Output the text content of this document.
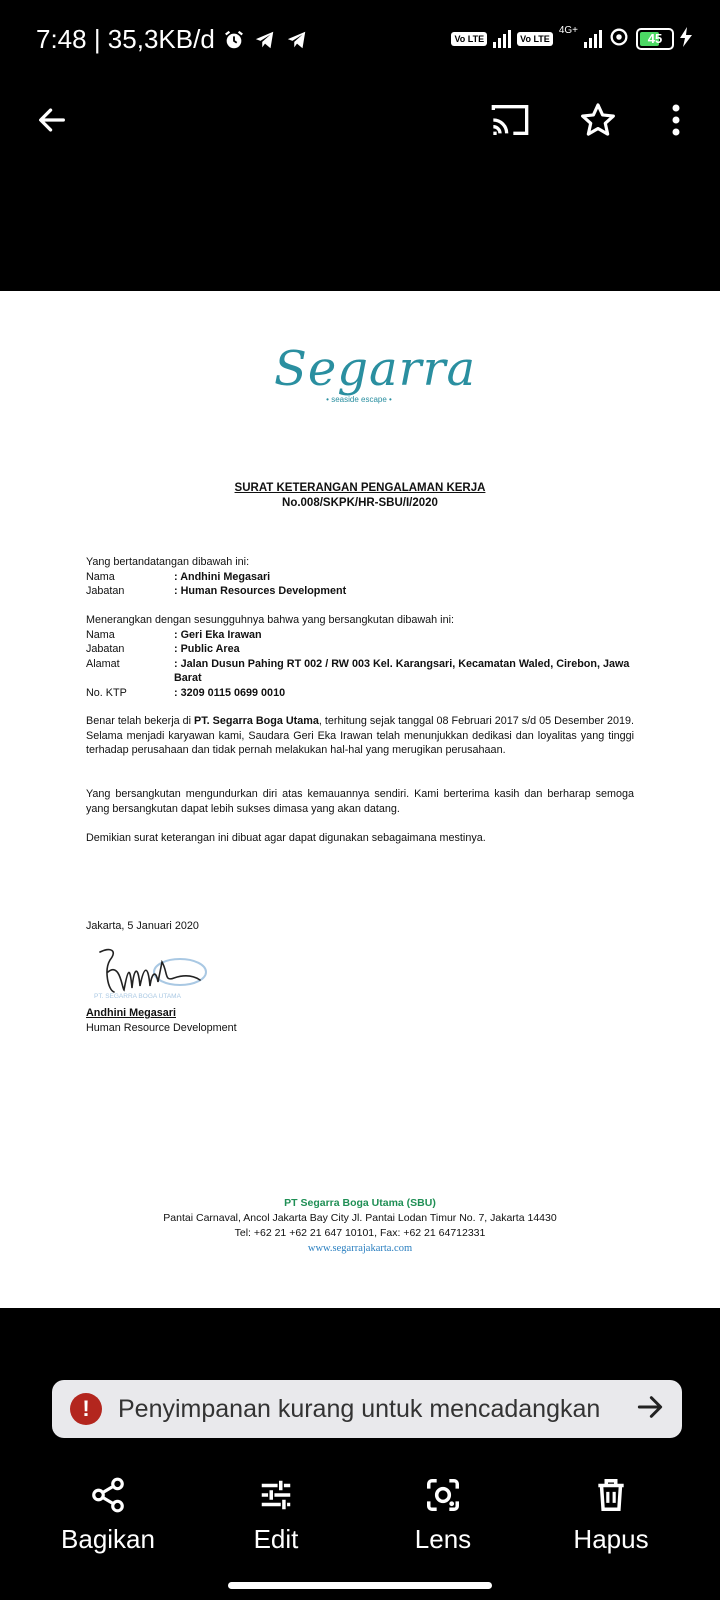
7:48 | 35,3KB/d	Vo LTE	Vo LTE
4G+
45
Segarra
• seaside escape •
SURAT KETERANGAN PENGALAMAN KERJA
No.008/SKPK/HR-SBU/I/2020
Yang bertandatangan dibawah ini:
Nama	: Andhini Megasari
Jabatan	: Human Resources Development
Menerangkan dengan sesungguhnya bahwa yang bersangkutan dibawah ini:
Nama	: Geri Eka Irawan
Jabatan	: Public Area
Alamat	: Jalan Dusun Pahing RT 002 / RW 003 Kel. Karangsari, Kecamatan Waled, Cirebon, Jawa Barat
No. KTP	: 3209 0115 0699 0010
Benar telah bekerja di PT. Segarra Boga Utama, terhitung sejak tanggal 08 Februari 2017 s/d 05 Desember 2019. Selama menjadi karyawan kami, Saudara Geri Eka Irawan telah menunjukkan dedikasi dan loyalitas yang tinggi terhadap perusahaan dan tidak pernah melakukan hal-hal yang merugikan perusahaan.
Yang bersangkutan mengundurkan diri atas kemauannya sendiri. Kami berterima kasih dan berharap semoga yang bersangkutan dapat lebih sukses dimasa yang akan datang.
Demikian surat keterangan ini dibuat agar dapat digunakan sebagaimana mestinya.
Jakarta, 5 Januari 2020
PT. SEGARRA BOGA UTAMA
Andhini Megasari
Human Resource Development
PT Segarra Boga Utama (SBU)
Pantai Carnaval, Ancol Jakarta Bay City Jl. Pantai Lodan Timur No. 7, Jakarta 14430
Tel: +62 21 +62 21 647 10101, Fax: +62 21 64712331
www.segarrajakarta.com
!	Penyimpanan kurang untuk mencadangkan
Bagikan	Edit	Lens	Hapus
